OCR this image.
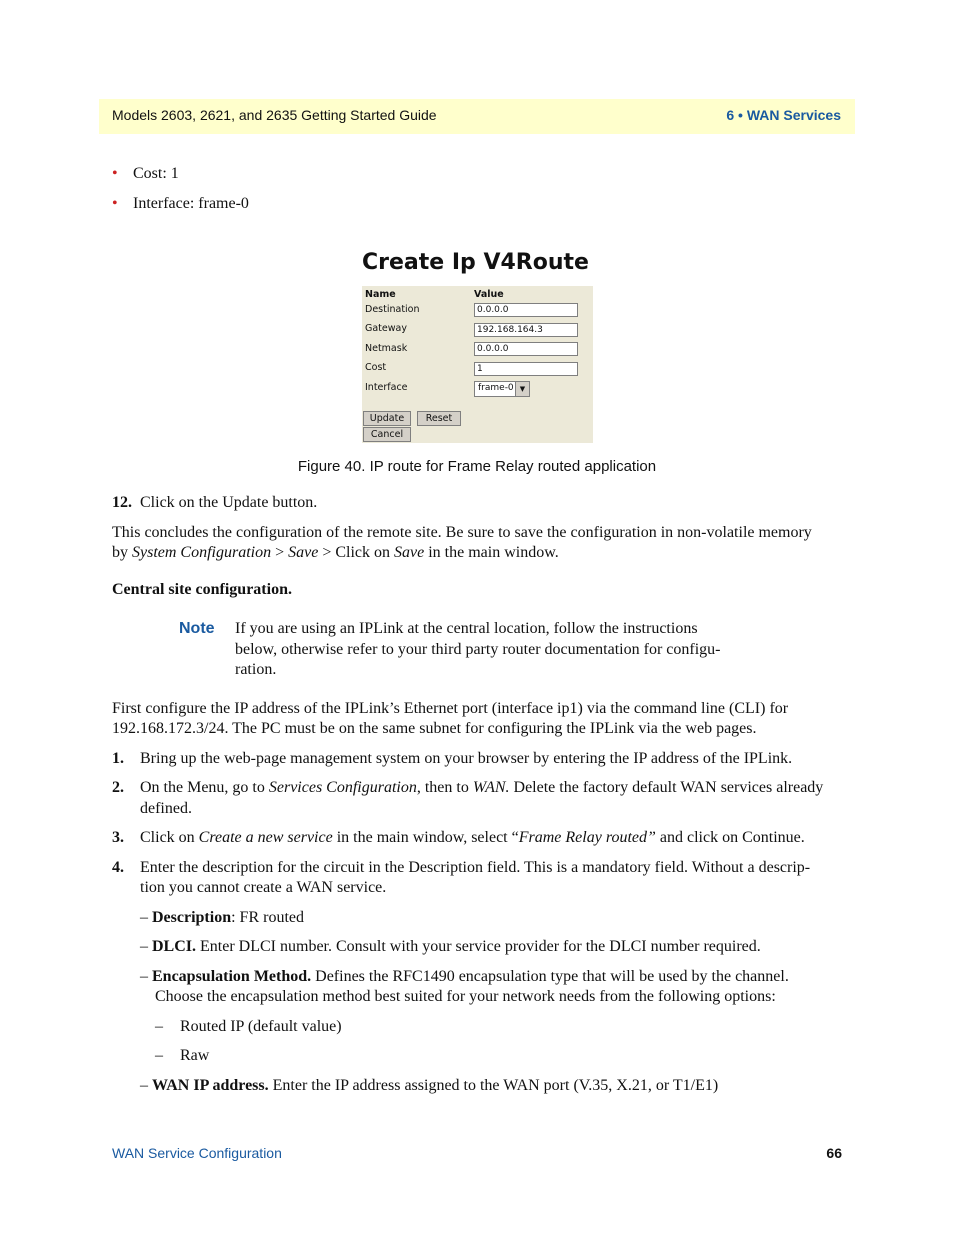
Models 2603, 2621, and 2635 Getting Started Guide	6 • WAN Services
• Cost: 1
• Interface: frame-0
Create Ip V4Route
Name	Value
Destination	0.0.0.0
Gateway	192.168.164.3
Netmask	0.0.0.0
Cost	1
Interface	frame-0 ▼
Update	Reset
Cancel
Figure 40. IP route for Frame Relay routed application
12. Click on the Update button.
This concludes the configuration of the remote site. Be sure to save the configuration in non-volatile memory
by System Configuration > Save > Click on Save in the main window.
Central site configuration.
Note If you are using an IPLink at the central location, follow the instructions
below, otherwise refer to your third party router documentation for configu-
ration.
First configure the IP address of the IPLink’s Ethernet port (interface ip1) via the command line (CLI) for
192.168.172.3/24. The PC must be on the same subnet for configuring the IPLink via the web pages.
1. Bring up the web-page management system on your browser by entering the IP address of the IPLink.
2. On the Menu, go to Services Configuration, then to WAN. Delete the factory default WAN services already
defined.
3. Click on Create a new service in the main window, select “Frame Relay routed” and click on Continue.
4. Enter the description for the circuit in the Description field. This is a mandatory field. Without a descrip-
tion you cannot create a WAN service.
– Description: FR routed
– DLCI. Enter DLCI number. Consult with your service provider for the DLCI number required.
– Encapsulation Method. Defines the RFC1490 encapsulation type that will be used by the channel.
Choose the encapsulation method best suited for your network needs from the following options:
– Routed IP (default value)
– Raw
– WAN IP address. Enter the IP address assigned to the WAN port (V.35, X.21, or T1/E1)
WAN Service Configuration	66
